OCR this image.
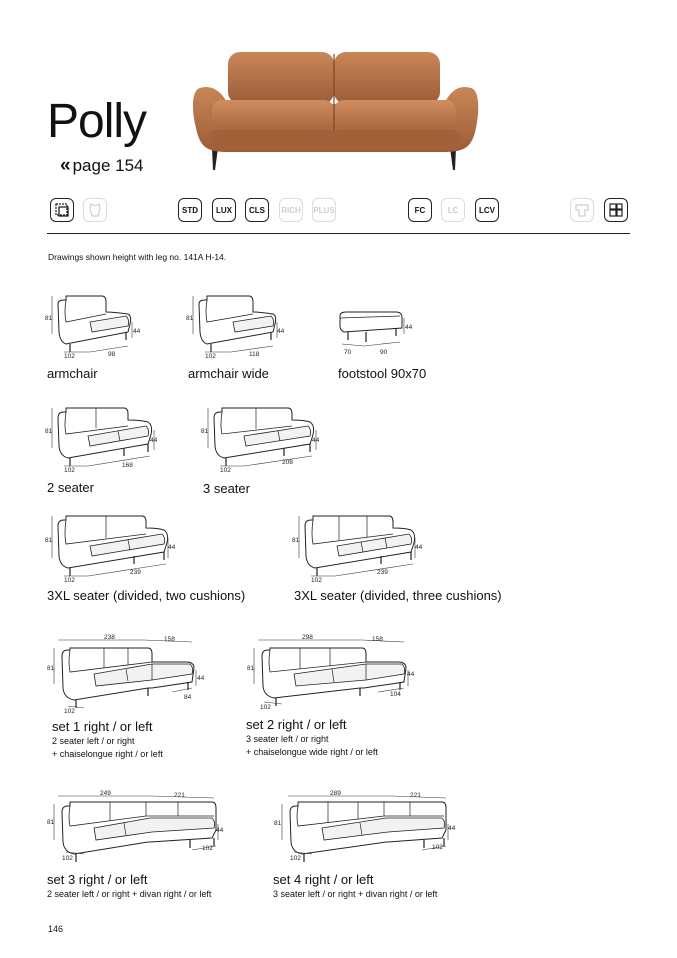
Polly
« page 154
STD	LUX	CLS	RICH PLUS	FC	LC	LCV
Drawings shown height with leg no. 141A H-14.
81
44
102	98
armchair
81
44
102	118
armchair wide
44
70	90
footstool 90x70
81
44
102
168
2 seater
81
44
102
208
3 seater
81
44
102
239
3XL seater (divided, two cushions)
81
44
102
239
3XL seater (divided, three cushions)
238	158
81
44
84
102
set 1 right / or left
2 seater left / or right
+ chaiselongue right / or left
298	158
81
44
104
102
set 2 right / or left
3 seater left / or right
+ chaiselongue wide right / or left
249	221
81
44
102
102
set 3 right / or left
2 seater left / or right + divan right / or left
289	221
81
44
102
102
set 4 right / or left
3 seater left / or right + divan right / or left
146
